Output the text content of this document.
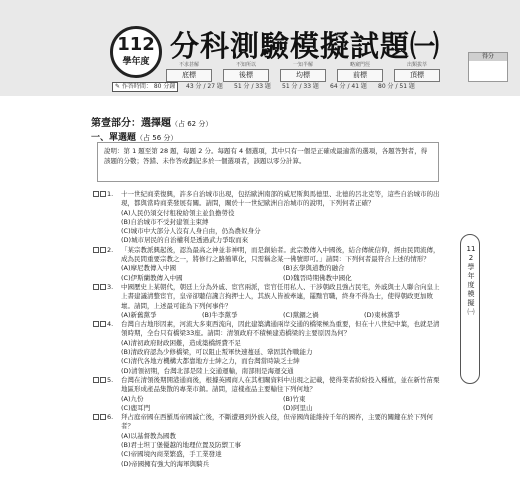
112
學年度 分科測驗模擬試題㈠	得分
不求甚解
底標
不知所以
後標
一知半解
均標
略窺門徑
前標
出類拔萃
頂標
✎ 作答時間： 80 分鐘	43 分 / 27 題 51 分 / 33 題 51 分 / 33 題 64 分 / 41 題 80 分 / 51 題
第壹部分：選擇題（占 62 分）
一、單選題（占 56 分）
說明：第 1 題至第 28 題，每題 2 分。每題有 4 個選項，其中只有一個是正確或最適當的選項，各題答對者，得該題的分數；答錯、未作答或劃記多於一個選項者，該題以零分計算。
1.	十一世紀商業復興，許多自治城市出現，包括歐洲南部的威尼斯與馬德里、北德的呂北克等，這些自治城市的出現，都與當時商業發展有關。請問，關於十一世紀歐洲自治城市的說明，下列何者正確？
(A)人民仍須交付租稅給領主並負擔勞役
(B)自治城市不受封建領主束縛
(C)城市中大部分人沒有人身自由，仍為農奴身分
(D)城市居民的自治權利是透過武力爭取而來
2.	「某宗教派興起後，認為最高之神並非神明，而是創始者。此宗教傳入中國後，結合傳統信仰，經由民間流傳，成為民間重要宗教之一，將修行之路簡單化，只需稱念某一佛號即可。」請問：下列何者最符合上述的情形？
(A)摩尼教傳入中國	(B)玄學與道教的融合
(C)伊斯蘭教傳入中國	(D)魏晉時期佛教中國化
3.	中國歷史上某朝代，朝廷上分為外戚、宦官兩派，宦官任用私人、干涉朝政且強占民宅，外戚與士人聯合向皇上上書建議清整宦官，皇帝卻聽信讒言拘押士人，其族人皆被牽連，罷黜官職，終身不得為士，使得朝政更加敗壞。請問，上述最可能為下列何事件？
(A)新舊黨爭	(B)牛李黨爭	(C)黨錮之禍	(D)東林黨爭
4.	台灣自古地形因素，河流大多東西流向，因此建築溝通兩岸交通的橋梁極為重要，但在十八世紀中葉，也就是清領時期，全台只有橋梁33座。請問：清領政府不積極建造橋梁的主要原因為何？
(A)清初政府財政困難，造成築橋經費不足
(B)清政府認為少修橋梁，可以阻止叛軍快速蔓延、鞏固其作戰能力
(C)清代各地方機構大都靠地方士紳之力，而台灣當時缺乏士紳
(D)清領初期，台灣北部是陸上交通運輸，南部則是海運交通
5.	台灣在清領後期開港通商後，根據英國商人在其相關資料中出現之記載，使得業者紛紛投入種植，並在新竹苗栗地區形成產品集散的專業市鎮。請問，這樣產品主要輸往下列何地？
(A)九份	(B)竹東
(C)鹿耳門	(D)阿里山
6.	拜占庭帝國在西羅馬帝國滅亡後，不斷遭遇到外族入侵，但帝國尚能維持千年的國祚，主要的關鍵在於下列何者？
(A)以基督教為國教
(B)君士坦丁堡優越的地理位置及防禦工事
(C)帝國境內商業繁盛，手工業發達
(D)帝國擁有強大的海軍與騎兵
112學年度模擬㈠
